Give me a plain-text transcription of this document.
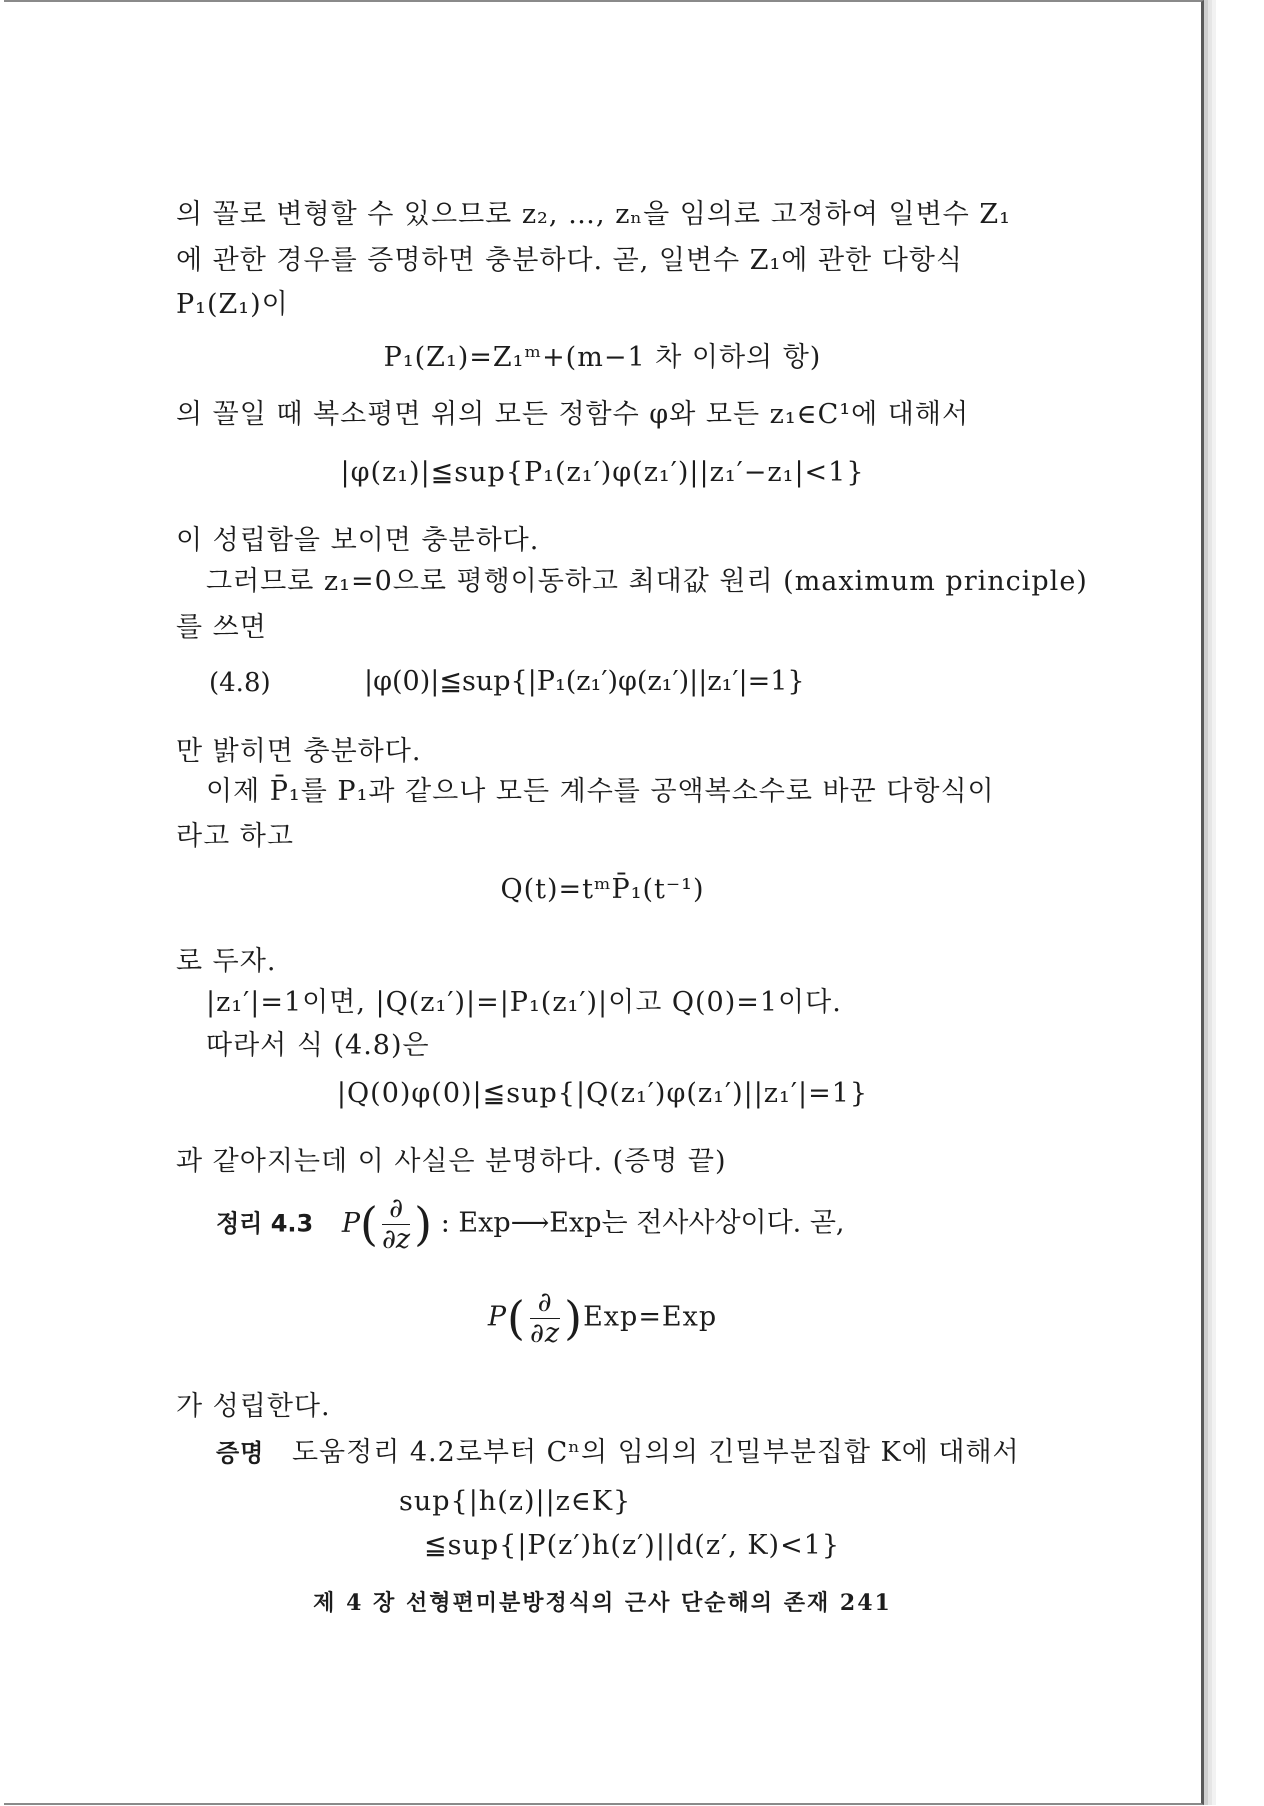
의 꼴로 변형할 수 있으므로 z₂, …, zₙ을 임의로 고정하여 일변수 Z₁
에 관한 경우를 증명하면 충분하다. 곧, 일변수 Z₁에 관한 다항식
P₁(Z₁)이
P₁(Z₁)=Z₁ᵐ+(m−1 차 이하의 항)
의 꼴일 때 복소평면 위의 모든 정함수 φ와 모든 z₁∈C¹에 대해서
|φ(z₁)|≦sup{P₁(z₁′)φ(z₁′)||z₁′−z₁|<1}
이 성립함을 보이면 충분하다.
그러므로 z₁=0으로 평행이동하고 최대값 원리 (maximum principle)
를 쓰면
(4.8)	|φ(0)|≦sup{|P₁(z₁′)φ(z₁′)||z₁′|=1}
만 밝히면 충분하다.
이제 P̄₁를 P₁과 같으나 모든 계수를 공액복소수로 바꾼 다항식이
라고 하고
Q(t)=tᵐP̄₁(t⁻¹)
로 두자.
|z₁′|=1이면, |Q(z₁′)|=|P₁(z₁′)|이고 Q(0)=1이다.
따라서 식 (4.8)은
|Q(0)φ(0)|≦sup{|Q(z₁′)φ(z₁′)||z₁′|=1}
과 같아지는데 이 사실은 분명하다. (증명 끝)
정리 4.3 $P( \frac{\partial}{\partial z}$ ) : Exp⟶Exp는 전사사상이다. 곧,
$P( \frac{\partial}{\partial z} )Exp=Exp$
가 성립한다.
증명 도움정리 4.2로부터 Cⁿ의 임의의 긴밀부분집합 K에 대해서
sup{|h(z)||z∈K}
≦sup{|P(z′)h(z′)||d(z′, K)<1}
제 4 장 선형편미분방정식의 근사 단순해의 존재 241
